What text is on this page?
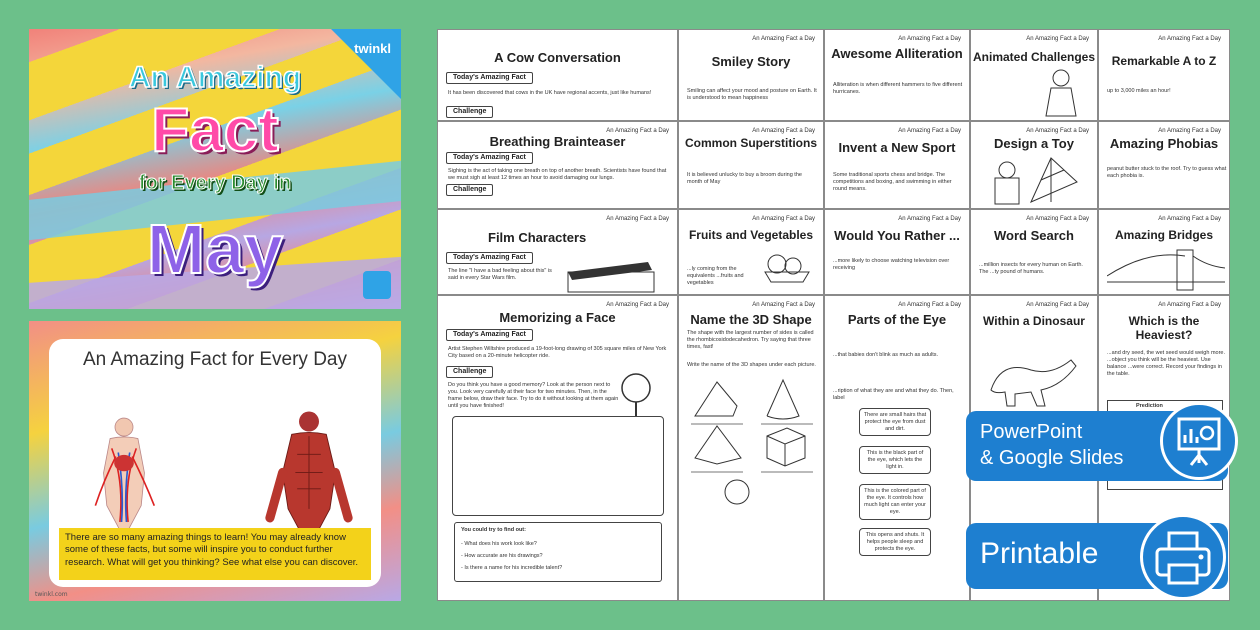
twinkl
An Amazing
Fact
for Every Day in
May
An Amazing Fact for Every Day
There are so many amazing things to learn! You may already know some of these facts, but some will inspire you to conduct further research. What will get you thinking? See what else you can discover.
twinkl.com
An Amazing Fact a Day
Smiley Story
Smiling can affect your mood and posture on Earth. It is understood to mean happiness
An Amazing Fact a Day
Awesome Alliteration
Alliteration is when different hammers to five different hurricanes.
An Amazing Fact a Day
Animated Challenges
An Amazing Fact a Day
Remarkable A to Z
up to 3,000 miles an hour!
An Amazing Fact a Day
Common Superstitions
It is believed unlucky to buy a broom during the month of May
An Amazing Fact a Day
Invent a New Sport
Some traditional sports chess and bridge. The competitions and boxing, and swimming in either round means.
An Amazing Fact a Day
Design a Toy
An Amazing Fact a Day
Amazing Phobias
peanut butter stuck to the roof. Try to guess what each phobia is.
An Amazing Fact a Day
Fruits and Vegetables
...ly coming from the equivalents ...fruits and vegetables
An Amazing Fact a Day
Would You Rather ...
...more likely to choose watching television over receiving
An Amazing Fact a Day
Word Search
...million insects for every human on Earth. The ...ty pound of humans.
An Amazing Fact a Day
Amazing Bridges
An Amazing Fact a Day
Parts of the Eye
...that babies don't blink as much as adults.
...ription of what they are and what they do. Then, label
There are small hairs that protect the eye from dust and dirt.
This is the black part of the eye, which lets the light in.
This is the colored part of the eye. It controls how much light can enter your eye.
This opens and shuts. It helps people sleep and protects the eye.
An Amazing Fact a Day
Within a Dinosaur
An Amazing Fact a Day
Which is the Heaviest?
...and dry seed, the wet seed would weigh more. ...object you think will be the heaviest. Use balance ...were correct. Record your findings in the table.
Prediction
An Amazing Fact a Day
Name the 3D Shape
The shape with the largest number of sides is called the rhombicosidodecahedron. Try saying that three times, fast!
Write the name of the 3D shapes under each picture.
A Cow Conversation
Today's Amazing Fact
It has been discovered that cows in the UK have regional accents, just like humans!
Challenge
An Amazing Fact a Day
Breathing Brainteaser
Today's Amazing Fact
Sighing is the act of taking one breath on top of another breath. Scientists have found that we must sigh at least 12 times an hour to avoid damaging our lungs.
Challenge
An Amazing Fact a Day
Film Characters
Today's Amazing Fact
The line "I have a bad feeling about this" is said in every Star Wars film.
An Amazing Fact a Day
Memorizing a Face
Today's Amazing Fact
Artist Stephen Wiltshire produced a 19-foot-long drawing of 305 square miles of New York City based on a 20-minute helicopter ride.
Challenge
Do you think you have a good memory? Look at the person next to you. Look very carefully at their face for two minutes. Then, in the frame below, draw their face. Try to do it without looking at them again until you have finished!
You could try to find out:
- What does his work look like?
- How accurate are his drawings?
- Is there a name for his incredible talent?
PowerPoint
& Google Slides
Printable
